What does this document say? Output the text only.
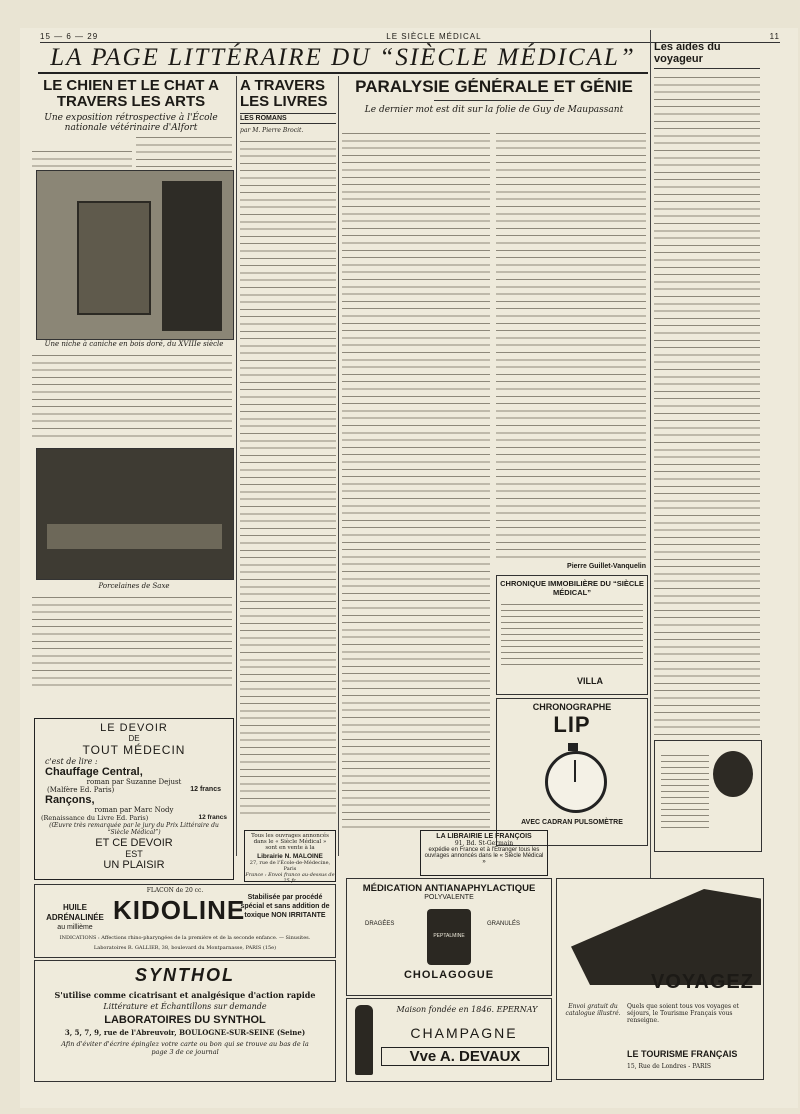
15 — 6 — 29	LE SIÈCLE MÉDICAL	11
LA PAGE LITTÉRAIRE DU “SIÈCLE MÉDICAL”
LE CHIEN ET LE CHAT A TRAVERS LES ARTS
Une exposition rétrospective à l'École nationale vétérinaire d'Alfort
Une niche à caniche en bois doré, du XVIIIe siècle
Porcelaines de Saxe
A TRAVERS LES LIVRES
LES ROMANS
par M. Pierre Brocit.
PARALYSIE GÉNÉRALE ET GÉNIE
Le dernier mot est dit sur la folie de Guy de Maupassant
Pierre Guillet-Vanquelin
CHRONIQUE IMMOBILIÈRE DU “SIÈCLE MÉDICAL”
VILLA
CHRONOGRAPHE
LIP
AVEC CADRAN PULSOMÈTRE
Les aides du voyageur
LE DEVOIR
DE
TOUT MÉDECIN
c'est de lire :
Chauffage Central,
roman par Suzanne Dejust
(Malfère Ed. Paris)	12 francs
Rançons,
roman par Marc Nody
(Renaissance du Livre Ed. Paris)	12 francs
(Œuvre très remarquée par le jury du Prix Littéraire du “Siècle Médical”)
ET CE DEVOIR
EST
UN PLAISIR
Tous les ouvrages annoncés dans le « Siècle Médical » sont en vente à la
Librairie N. MALOINE
27, rue de l'École-de-Médecine, Paris
France : Envoi franco au-dessus de 25 fr.
LA LIBRAIRIE LE FRANÇOIS
91, Bd. St-Germain
expédie en France et à l'Étranger tous les ouvrages annoncés dans le « Siècle Médical »
HUILE
ADRÉNALINÉE
au millième
FLACON de 20 cc.
KIDOLINE Stabilisée par procédé spécial et sans addition de toxique NON IRRITANTE
INDICATIONS : Affections rhino-pharyngées de la première et de la seconde enfance. — Sinusites.
Laboratoires R. GALLIER, 38, boulevard du Montparnasse, PARIS (15e)
SYNTHOL
S'utilise comme cicatrisant et analgésique d'action rapide
Littérature et Échantillons sur demande
LABORATOIRES DU SYNTHOL
3, 5, 7, 9, rue de l'Abreuvoir, BOULOGNE-SUR-SEINE (Seine)
Afin d'éviter d'écrire épinglez votre carte ou bon qui se trouve au bas de la page 3 de ce journal
MÉDICATION ANTIANAPHYLACTIQUE
POLYVALENTE
PEPTALMINE
DRAGÉES	GRANULÉS
CHOLAGOGUE
Maison fondée en 1846. EPERNAY
CHAMPAGNE
Vve A. DEVAUX
VOYAGEZ
Envoi gratuit du catalogue illustré.
Quels que soient tous vos voyages et séjours, le Tourisme Français vous renseigne.
LE TOURISME FRANÇAIS
15, Rue de Londres - PARIS
